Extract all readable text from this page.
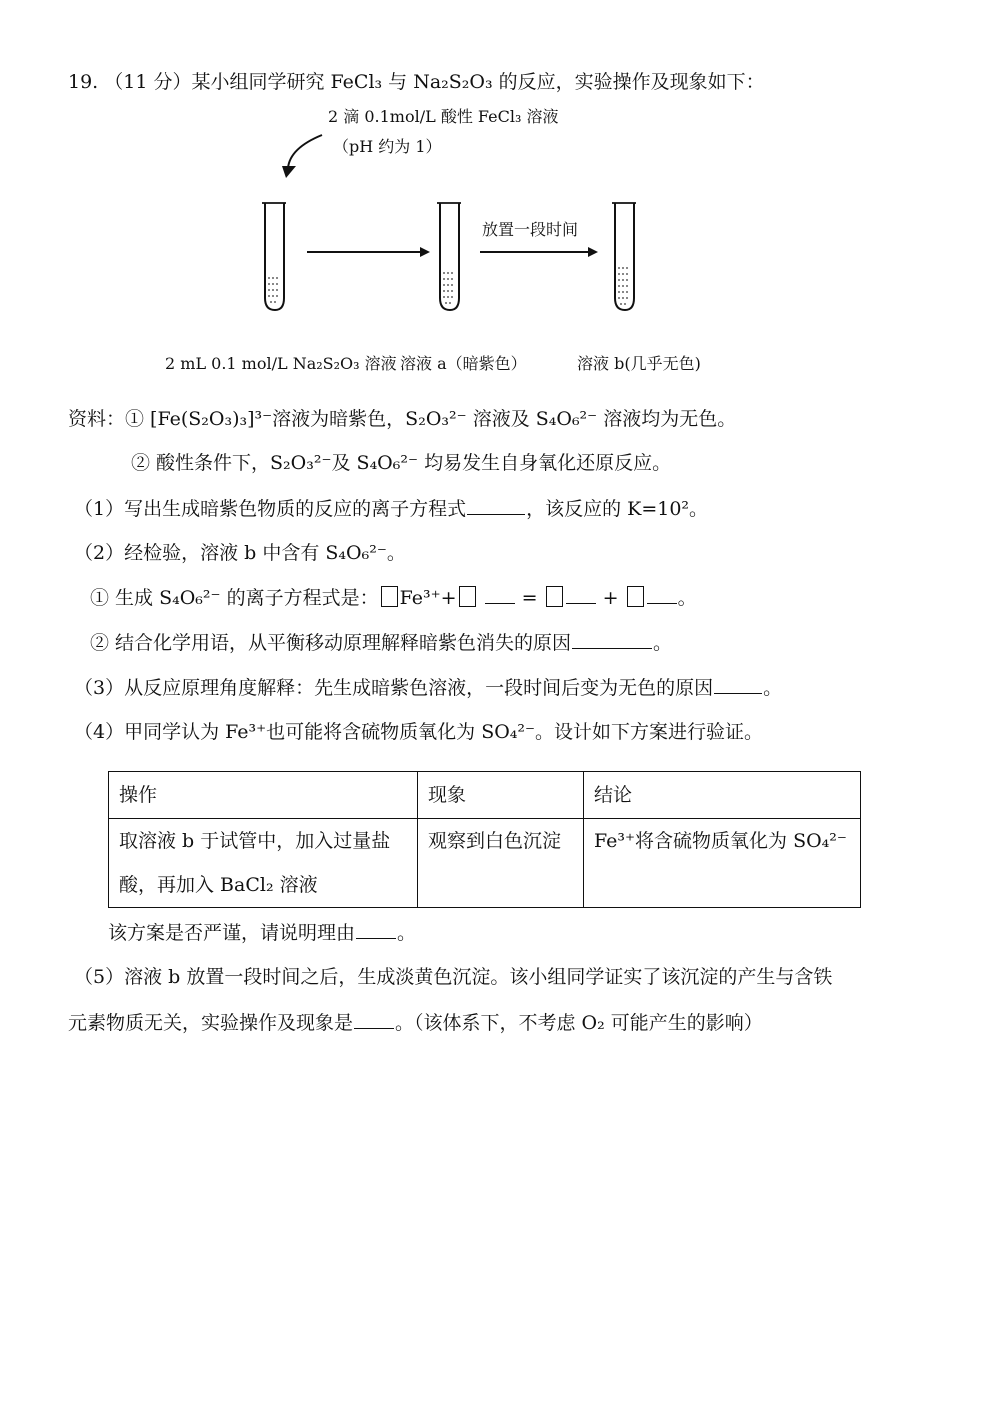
19. （11 分）某小组同学研究 FeCl₃ 与 Na₂S₂O₃ 的反应，实验操作及现象如下：
2 滴 0.1mol/L 酸性 FeCl₃ 溶液
（pH 约为 1）
放置一段时间
2 mL 0.1 mol/L Na₂S₂O₃ 溶液 溶液 a（暗紫色）	溶液 b(几乎无色)
资料：① [Fe(S₂O₃)₃]³⁻溶液为暗紫色，S₂O₃²⁻ 溶液及 S₄O₆²⁻ 溶液均为无色。
② 酸性条件下，S₂O₃²⁻及 S₄O₆²⁻ 均易发生自身氧化还原反应。
（1）写出生成暗紫色物质的反应的离子方程式	，该反应的 K=10²。
（2）经检验，溶液 b 中含有 S₄O₆²⁻。
① 生成 S₄O₆²⁻ 的离子方程式是： Fe³⁺+	=	+	。
② 结合化学用语，从平衡移动原理解释暗紫色消失的原因	。
（3）从反应原理角度解释：先生成暗紫色溶液，一段时间后变为无色的原因	。
（4）甲同学认为 Fe³⁺也可能将含硫物质氧化为 SO₄²⁻。设计如下方案进行验证。
操作	现象	结论

取溶液 b 于试管中，加入过量盐
酸，再加入 BaCl₂ 溶液	观察到白色沉淀	Fe³⁺将含硫物质氧化为 SO₄²⁻
该方案是否严谨，请说明理由 。
（5）溶液 b 放置一段时间之后，生成淡黄色沉淀。该小组同学证实了该沉淀的产生与含铁
元素物质无关，实验操作及现象是 。（该体系下，不考虑 O₂ 可能产生的影响）
